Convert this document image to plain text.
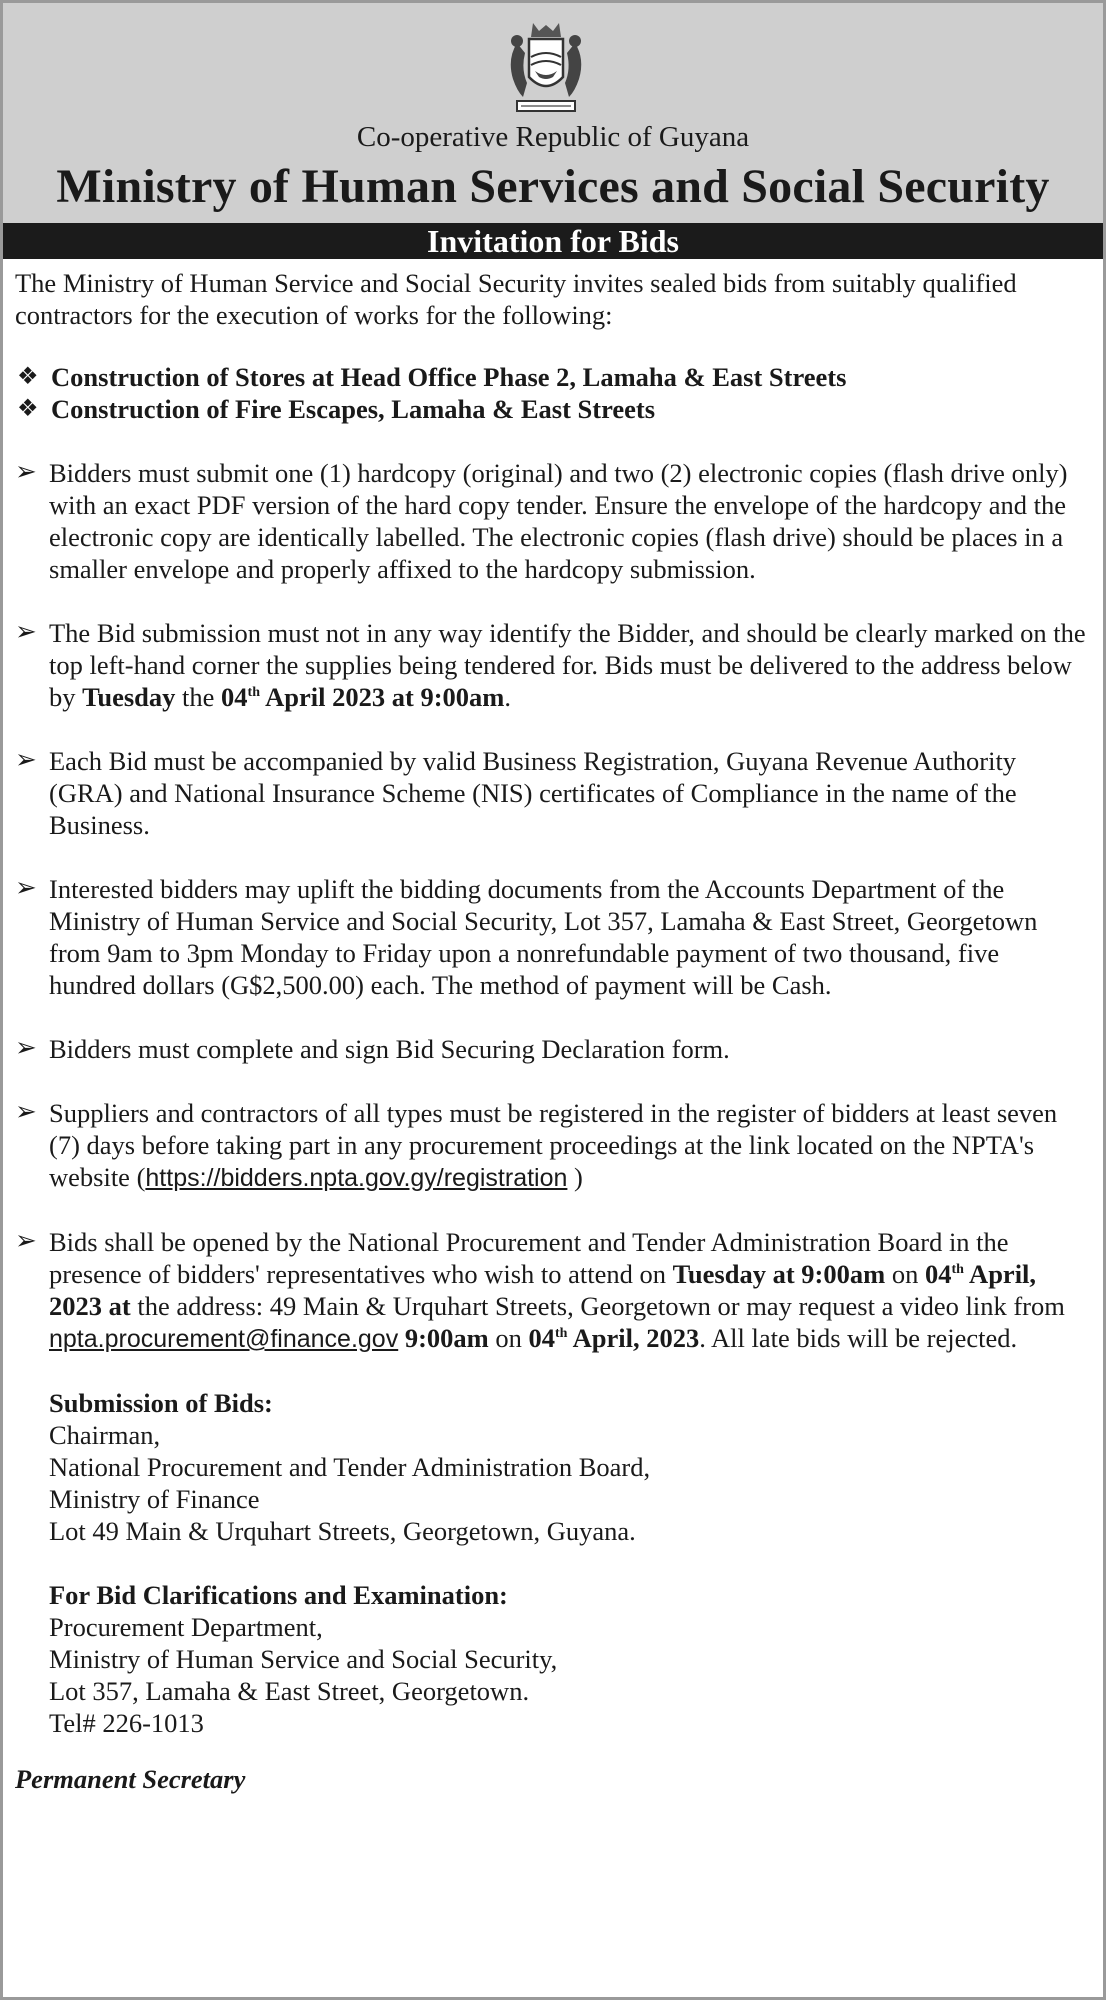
Co-operative Republic of Guyana
Ministry of Human Services and Social Security
Invitation for Bids
The Ministry of Human Service and Social Security invites sealed bids from suitably qualified contractors for the execution of works for the following:
❖ Construction of Stores at Head Office Phase 2, Lamaha & East Streets
❖ Construction of Fire Escapes, Lamaha & East Streets
➢ Bidders must submit one (1) hardcopy (original) and two (2) electronic copies (flash drive only) with an exact PDF version of the hard copy tender. Ensure the envelope of the hardcopy and the electronic copy are identically labelled. The electronic copies (flash drive) should be places in a smaller envelope and properly affixed to the hardcopy submission.
➢ The Bid submission must not in any way identify the Bidder, and should be clearly marked on the top left-hand corner the supplies being tendered for. Bids must be delivered to the address below by Tuesday the 04th April 2023 at 9:00am.
➢ Each Bid must be accompanied by valid Business Registration, Guyana Revenue Authority (GRA) and National Insurance Scheme (NIS) certificates of Compliance in the name of the Business.
➢ Interested bidders may uplift the bidding documents from the Accounts Department of the Ministry of Human Service and Social Security, Lot 357, Lamaha & East Street, Georgetown from 9am to 3pm Monday to Friday upon a nonrefundable payment of two thousand, five hundred dollars (G$2,500.00) each. The method of payment will be Cash.
➢ Bidders must complete and sign Bid Securing Declaration form.
➢ Suppliers and contractors of all types must be registered in the register of bidders at least seven (7) days before taking part in any procurement proceedings at the link located on the NPTA's website (https://bidders.npta.gov.gy/registration )
➢ Bids shall be opened by the National Procurement and Tender Administration Board in the presence of bidders' representatives who wish to attend on Tuesday at 9:00am on 04th April, 2023 at the address: 49 Main & Urquhart Streets, Georgetown or may request a video link from npta.procurement@finance.gov 9:00am on 04th April, 2023. All late bids will be rejected.
Submission of Bids:
Chairman,
National Procurement and Tender Administration Board,
Ministry of Finance
Lot 49 Main & Urquhart Streets, Georgetown, Guyana.
For Bid Clarifications and Examination:
Procurement Department,
Ministry of Human Service and Social Security,
Lot 357, Lamaha & East Street, Georgetown.
Tel# 226-1013
Permanent Secretary
